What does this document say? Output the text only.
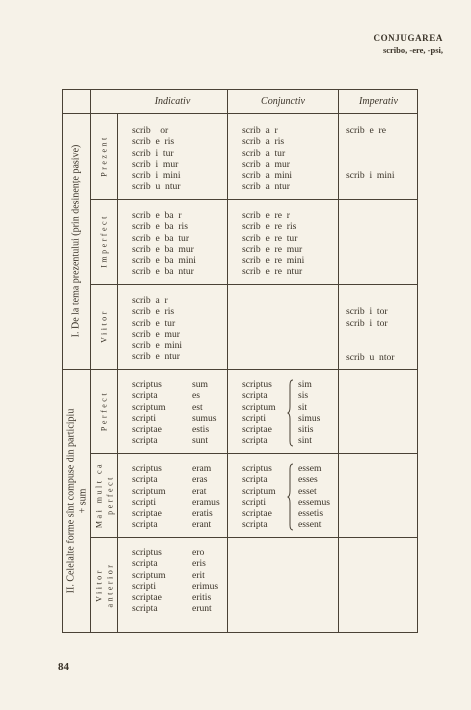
CONJUGAREA
scribo, -ere, -psi,
Indicativ	Conjunctiv	Imperativ
I. De la tema prezentului (prin desinențe pasive)
II. Celelalte forme sînt compuse din participiu + sum
Prezent
Imperfect
Viitor
Perfect
Mai mult ca perfect
Viitor anterior
scrib    or
scrib  e  ris
scrib  i  tur
scrib  i  mur
scrib  i  mini
scrib  u  ntur
scrib  a  r
scrib  a  ris
scrib  a  tur
scrib  a  mur
scrib  a  mini
scrib  a  ntur
scrib  e  re
scrib  i  mini
scrib  e  ba  r
scrib  e  ba  ris
scrib  e  ba  tur
scrib  e  ba  mur
scrib  e  ba  mini
scrib  e  ba  ntur
scrib  e  re  r
scrib  e  re  ris
scrib  e  re  tur
scrib  e  re  mur
scrib  e  re  mini
scrib  e  re  ntur
scrib  a  r
scrib  e  ris
scrib  e  tur
scrib  e  mur
scrib  e  mini
scrib  e  ntur
scrib  i  tor
scrib  i  tor
scrib  u  ntor
scriptus
scripta
scriptum
scripti
scriptae
scripta
sum
es
est
sumus
estis
sunt
scriptus
scripta
scriptum
scripti
scriptae
scripta
sim
sis
sit
simus
sitis
sint
scriptus
scripta
scriptum
scripti
scriptae
scripta
eram
eras
erat
eramus
eratis
erant
scriptus
scripta
scriptum
scripti
scriptae
scripta
essem
esses
esset
essemus
essetis
essent
scriptus
scripta
scriptum
scripti
scriptae
scripta
ero
eris
erit
erimus
eritis
erunt
84
